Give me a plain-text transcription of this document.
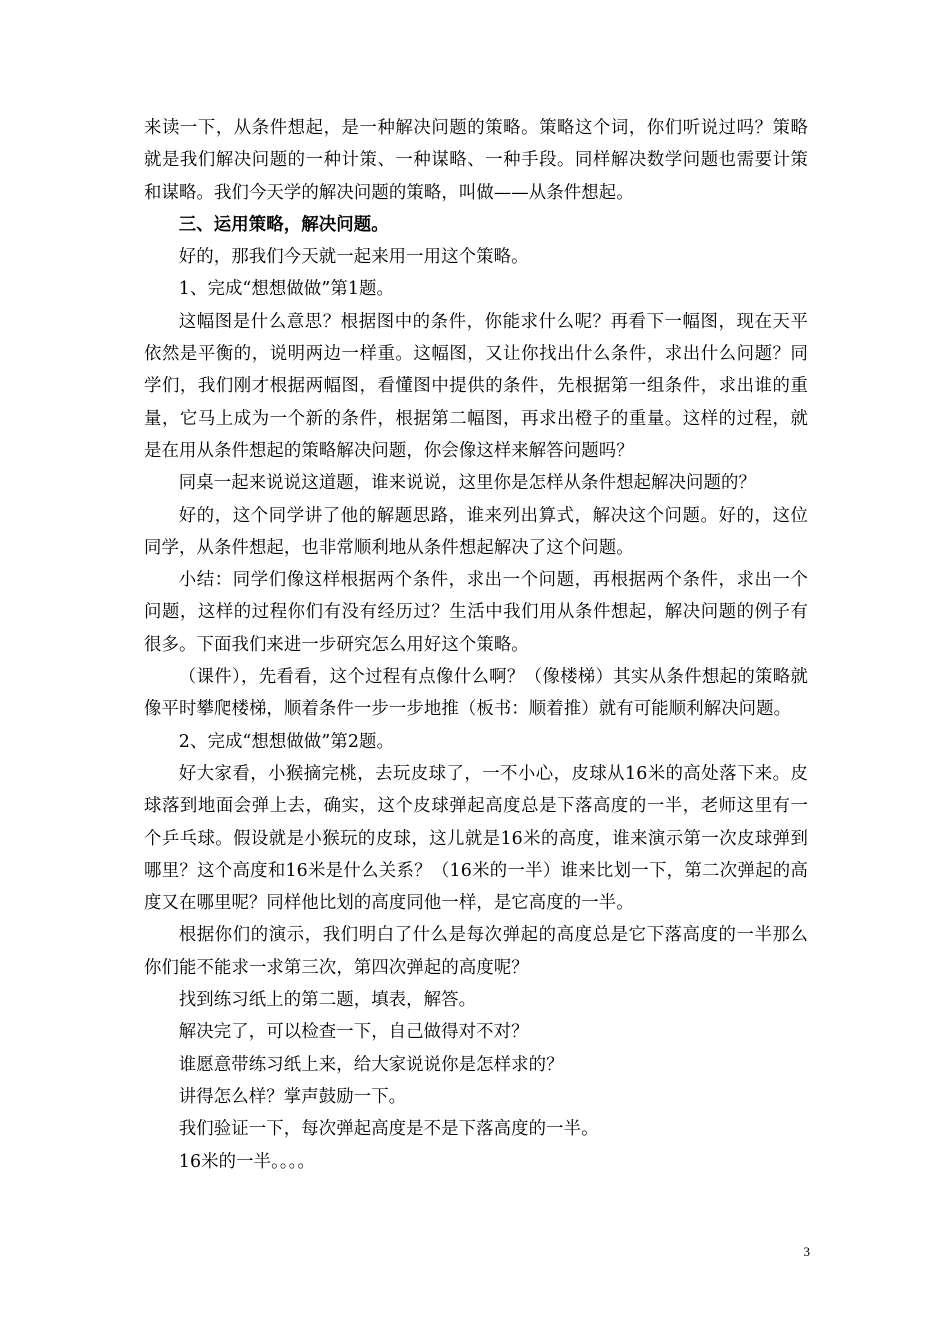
来读一下，从条件想起，是一种解决问题的策略。策略这个词，你们听说过吗？策略就是我们解决问题的一种计策、一种谋略、一种手段。同样解决数学问题也需要计策和谋略。我们今天学的解决问题的策略，叫做——从条件想起。

三、运用策略，解决问题。

好的，那我们今天就一起来用一用这个策略。

1、完成“想想做做”第1题。

这幅图是什么意思？根据图中的条件，你能求什么呢？再看下一幅图，现在天平依然是平衡的，说明两边一样重。这幅图，又让你找出什么条件，求出什么问题？同学们，我们刚才根据两幅图，看懂图中提供的条件，先根据第一组条件，求出谁的重量，它马上成为一个新的条件，根据第二幅图，再求出橙子的重量。这样的过程，就是在用从条件想起的策略解决问题，你会像这样来解答问题吗？

同桌一起来说说这道题，谁来说说，这里你是怎样从条件想起解决问题的？

好的，这个同学讲了他的解题思路，谁来列出算式，解决这个问题。好的，这位同学，从条件想起，也非常顺利地从条件想起解决了这个问题。

小结：同学们像这样根据两个条件，求出一个问题，再根据两个条件，求出一个问题，这样的过程你们有没有经历过？生活中我们用从条件想起，解决问题的例子有很多。下面我们来进一步研究怎么用好这个策略。

（课件），先看看，这个过程有点像什么啊？（像楼梯）其实从条件想起的策略就像平时攀爬楼梯，顺着条件一步一步地推（板书：顺着推）就有可能顺利解决问题。

2、完成“想想做做”第2题。

好大家看，小猴摘完桃，去玩皮球了，一不小心，皮球从16米的高处落下来。皮球落到地面会弹上去，确实，这个皮球弹起高度总是下落高度的一半，老师这里有一个乒乓球。假设就是小猴玩的皮球，这儿就是16米的高度，谁来演示第一次皮球弹到哪里？这个高度和16米是什么关系？（16米的一半）谁来比划一下，第二次弹起的高度又在哪里呢？同样他比划的高度同他一样，是它高度的一半。

根据你们的演示，我们明白了什么是每次弹起的高度总是它下落高度的一半那么你们能不能求一求第三次，第四次弹起的高度呢？

找到练习纸上的第二题，填表，解答。

解决完了，可以检查一下，自己做得对不对？

谁愿意带练习纸上来，给大家说说你是怎样求的？

讲得怎么样？掌声鼓励一下。

我们验证一下，每次弹起高度是不是下落高度的一半。

16米的一半。。。。

3
